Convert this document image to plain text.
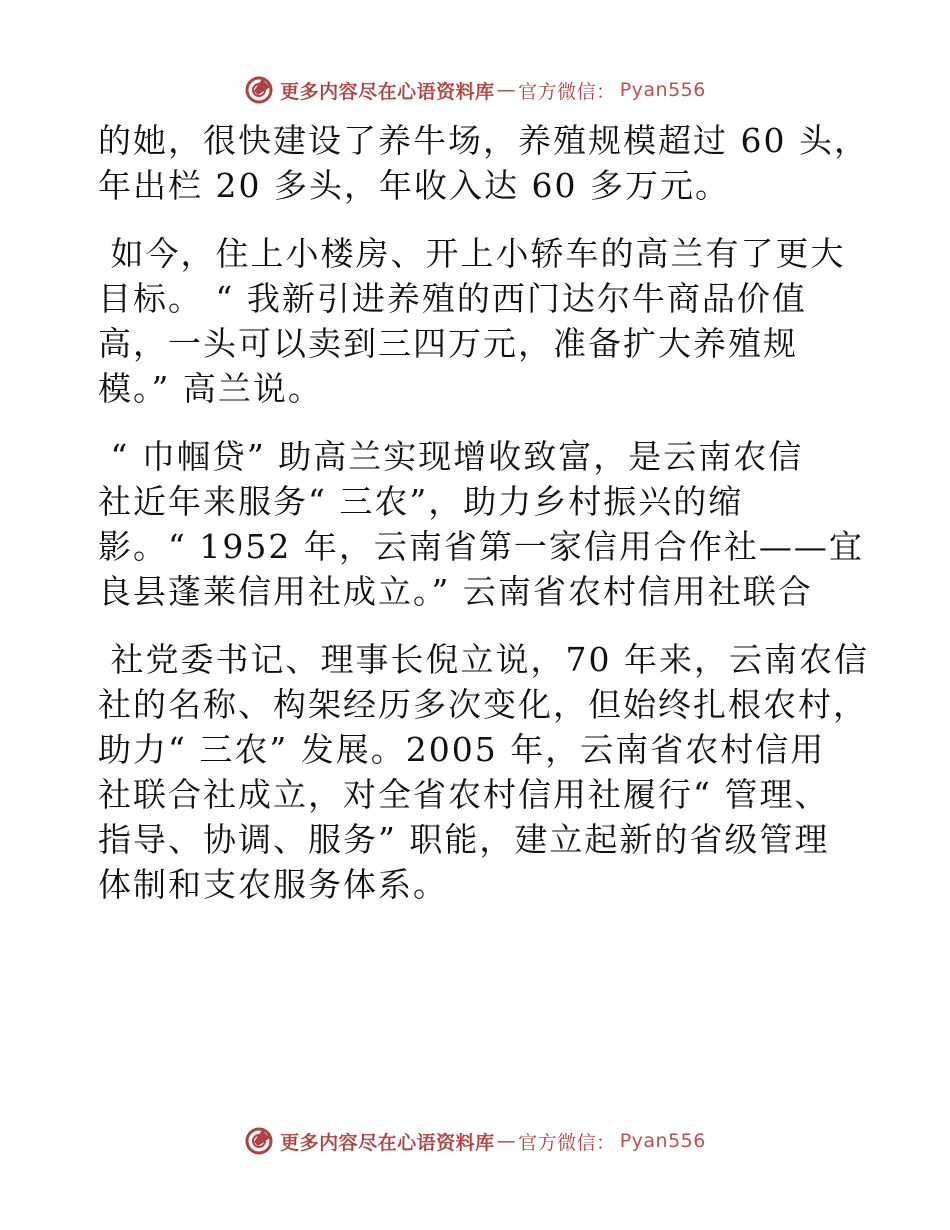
更多内容尽在心语资料库 — 官方微信： Pyan556
的她，很快建设了养牛场，养殖规模超过 60 头，
年出栏 20 多头，年收入达 60 多万元。
如今，住上小楼房、开上小轿车的高兰有了更大
目标。 “ 我新引进养殖的西门达尔牛商品价值
高，一头可以卖到三四万元，准备扩大养殖规
模。” 高兰说。
“ 巾帼贷” 助高兰实现增收致富，是云南农信
社近年来服务“ 三农”，助力乡村振兴的缩
影。“ 1952 年，云南省第一家信用合作社——宜
良县蓬莱信用社成立。” 云南省农村信用社联合
社党委书记、理事长倪立说，70 年来，云南农信
社的名称、构架经历多次变化，但始终扎根农村，
助力“ 三农” 发展。2005 年，云南省农村信用
社联合社成立，对全省农村信用社履行“ 管理、
指导、协调、服务” 职能，建立起新的省级管理
体制和支农服务体系。
更多内容尽在心语资料库 — 官方微信： Pyan556
